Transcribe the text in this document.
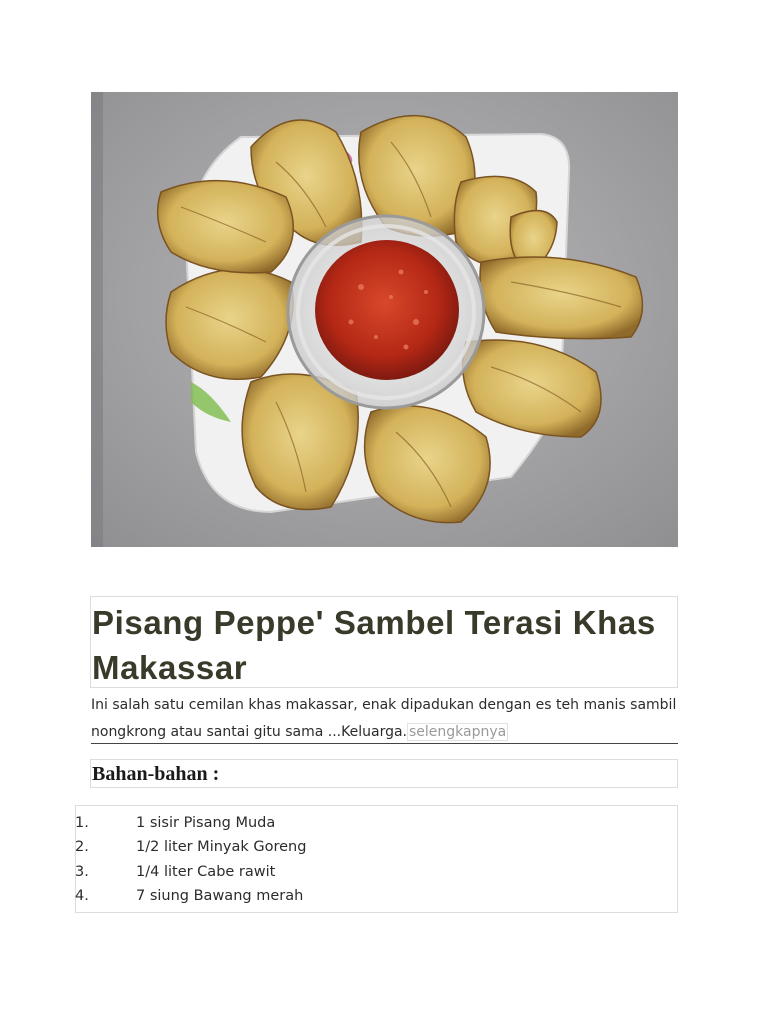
Pisang Peppe' Sambel Terasi Khas Makassar

Ini salah satu cemilan khas makassar, enak dipadukan dengan es teh manis sambil nongkrong atau santai gitu sama ...Keluarga. selengkapnya

Bahan-bahan :
1.	1 sisir Pisang Muda
2.	1/2 liter Minyak Goreng
3.	1/4 liter Cabe rawit
4.	7 siung Bawang merah
